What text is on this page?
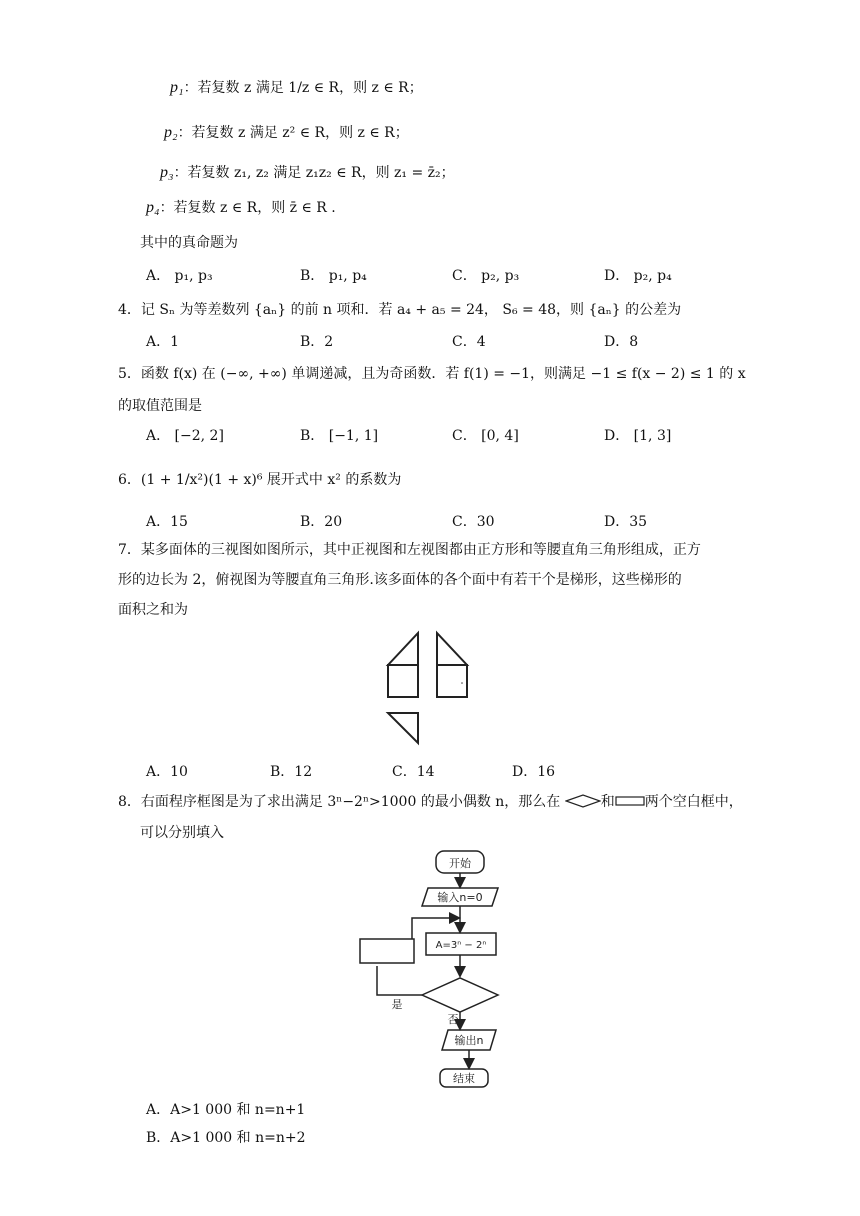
p₁：若复数 z 满足 1/z ∈ R，则 z ∈ R；
p₂：若复数 z 满足 z² ∈ R，则 z ∈ R；
p₃：若复数 z₁, z₂ 满足 z₁z₂ ∈ R，则 z₁ = z̄₂；
p₄：若复数 z ∈ R，则 z̄ ∈ R .
其中的真命题为
A． p₁, p₃	B． p₁, p₄	C． p₂, p₃	D． p₂, p₄
4．记 Sₙ 为等差数列 {aₙ} 的前 n 项和．若 a₄ + a₅ = 24， S₆ = 48，则 {aₙ} 的公差为
A．1	B．2	C．4	D．8
5．函数 f(x) 在 (−∞, +∞) 单调递减，且为奇函数．若 f(1) = −1，则满足 −1 ≤ f(x − 2) ≤ 1 的 x
的取值范围是
A． [−2, 2]	B． [−1, 1]	C． [0, 4]	D． [1, 3]
6．(1 + 1/x²)(1 + x)⁶ 展开式中 x² 的系数为
A．15	B．20	C．30	D．35
7．某多面体的三视图如图所示，其中正视图和左视图都由正方形和等腰直角三角形组成，正方
形的边长为 2，俯视图为等腰直角三角形.该多面体的各个面中有若干个是梯形，这些梯形的
面积之和为
A．10	B．12	C．14	D．16
8．右面程序框图是为了求出满足 3ⁿ−2ⁿ>1000 的最小偶数 n，那么在	和 两个空白框中，
可以分别填入
开始
输入n=0
A=3ⁿ − 2ⁿ
是
否
输出n
结束
A．A>1 000 和 n=n+1
B．A>1 000 和 n=n+2
